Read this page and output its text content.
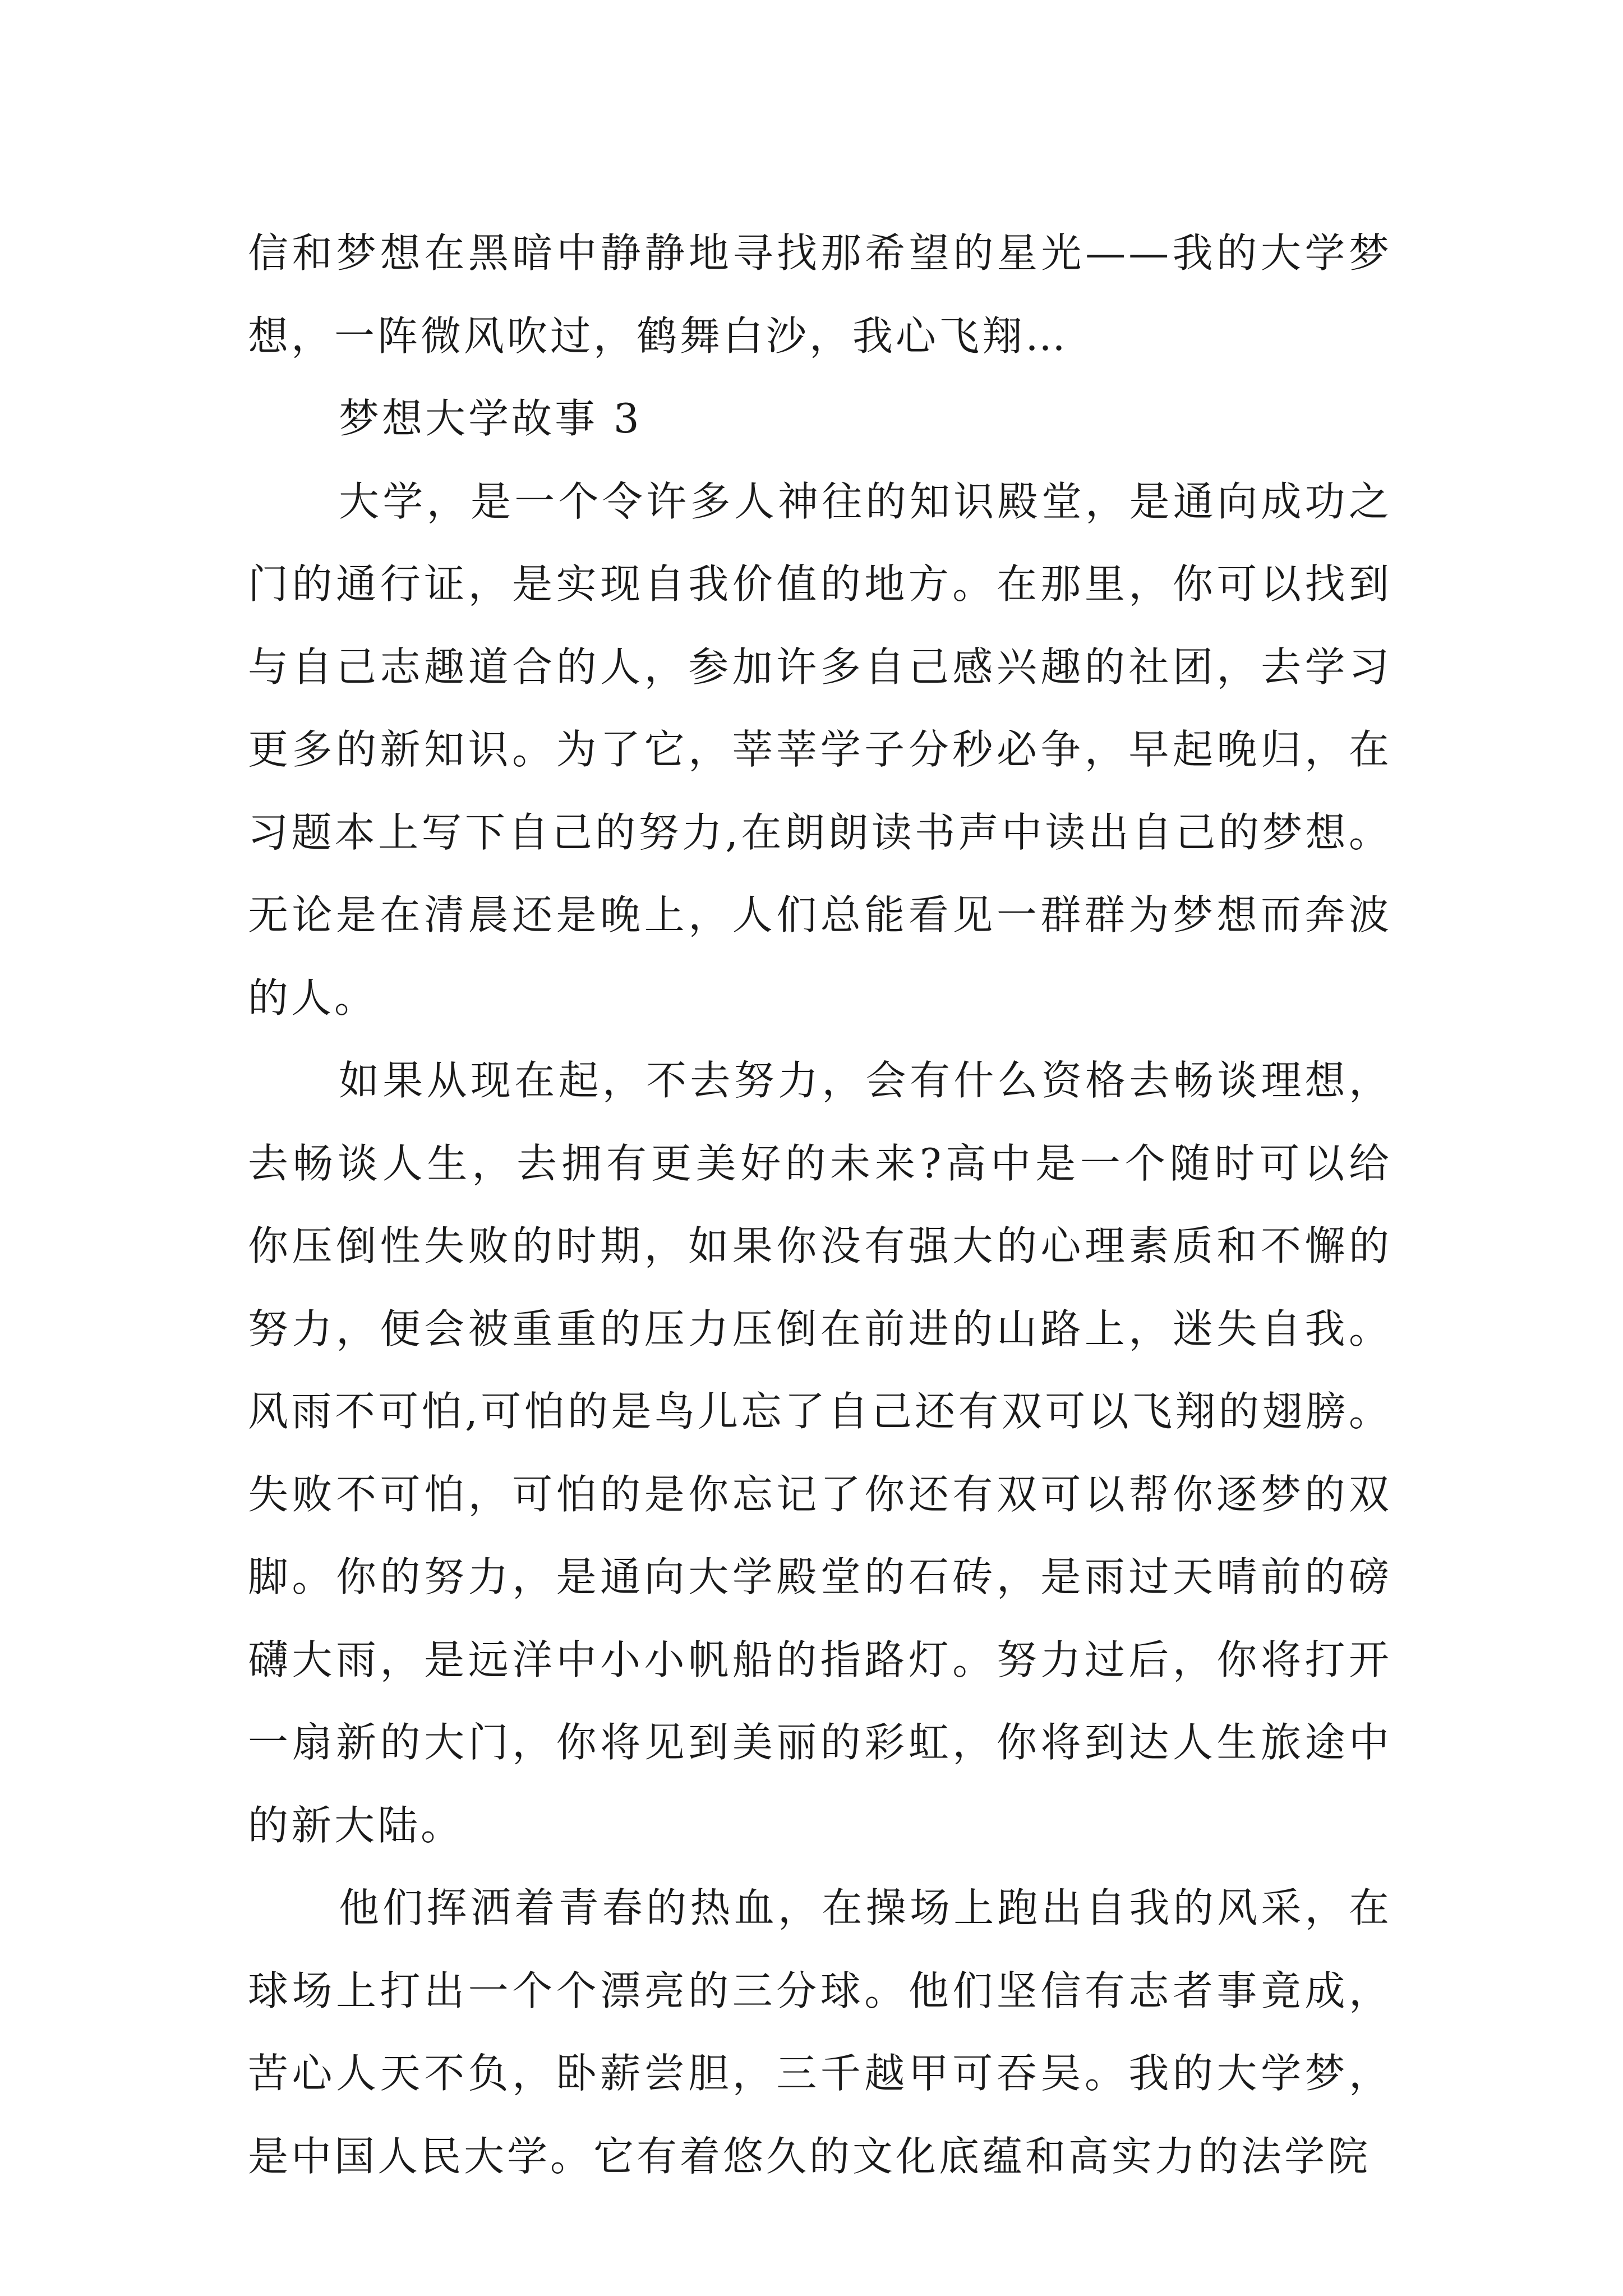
信和梦想在黑暗中静静地寻找那希望的星光——我的大学梦想，一阵微风吹过，鹤舞白沙，我心飞翔…

梦想大学故事 3

大学，是一个令许多人神往的知识殿堂，是通向成功之门的通行证，是实现自我价值的地方。在那里，你可以找到与自己志趣道合的人，参加许多自己感兴趣的社团，去学习更多的新知识。为了它，莘莘学子分秒必争，早起晚归，在习题本上写下自己的努力,在朗朗读书声中读出自己的梦想。无论是在清晨还是晚上，人们总能看见一群群为梦想而奔波的人。

如果从现在起，不去努力，会有什么资格去畅谈理想，去畅谈人生，去拥有更美好的未来?高中是一个随时可以给你压倒性失败的时期，如果你没有强大的心理素质和不懈的努力，便会被重重的压力压倒在前进的山路上，迷失自我。风雨不可怕,可怕的是鸟儿忘了自己还有双可以飞翔的翅膀。失败不可怕，可怕的是你忘记了你还有双可以帮你逐梦的双脚。你的努力，是通向大学殿堂的石砖，是雨过天晴前的磅礴大雨，是远洋中小小帆船的指路灯。努力过后，你将打开一扇新的大门，你将见到美丽的彩虹，你将到达人生旅途中的新大陆。

他们挥洒着青春的热血，在操场上跑出自我的风采，在球场上打出一个个漂亮的三分球。他们坚信有志者事竟成，苦心人天不负，卧薪尝胆，三千越甲可吞吴。我的大学梦，是中国人民大学。它有着悠久的文化底蕴和高实力的法学院
